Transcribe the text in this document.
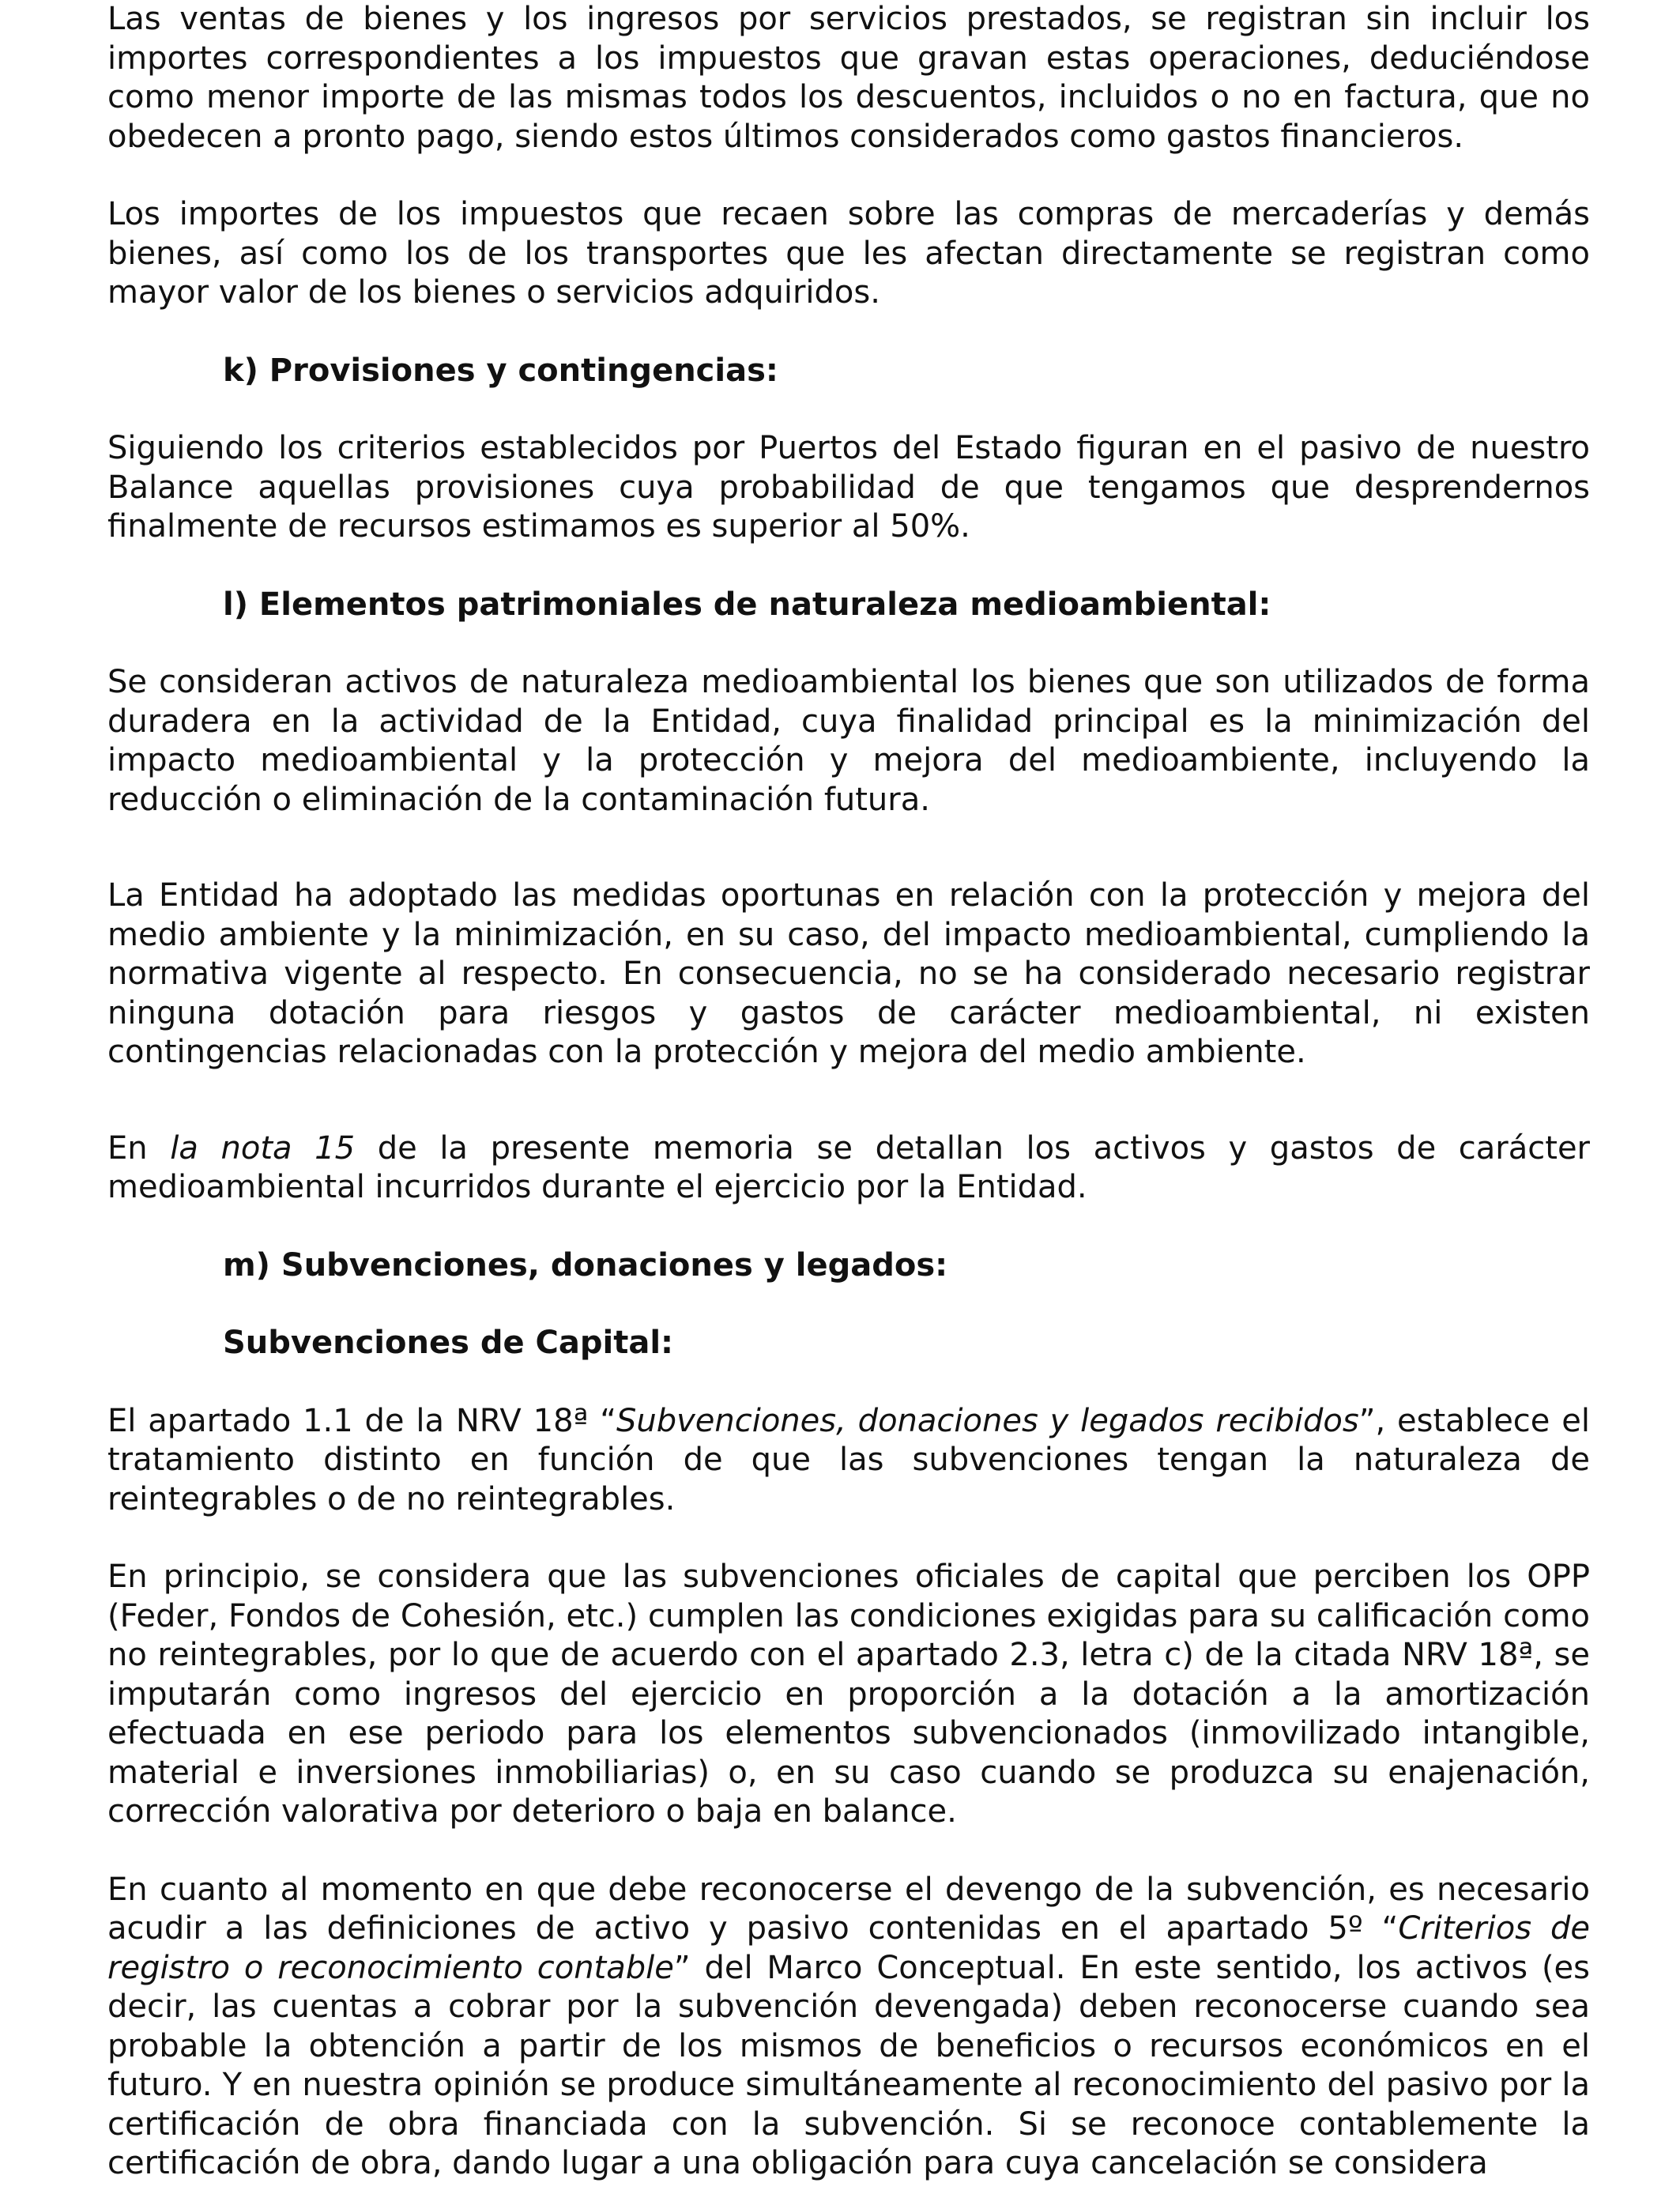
Las ventas de bienes y los ingresos por servicios prestados, se registran sin incluir los importes correspondientes a los impuestos que gravan estas operaciones, deduciéndose como menor importe de las mismas todos los descuentos, incluidos o no en factura, que no obedecen a pronto pago, siendo estos últimos considerados como gastos financieros.

Los importes de los impuestos que recaen sobre las compras de mercaderías y demás bienes, así como los de los transportes que les afectan directamente se registran como mayor valor de los bienes o servicios adquiridos.

k) Provisiones y contingencias:

Siguiendo los criterios establecidos por Puertos del Estado figuran en el pasivo de nuestro Balance aquellas provisiones cuya probabilidad de que tengamos que desprendernos finalmente de recursos estimamos es superior al 50%.

l) Elementos patrimoniales de naturaleza medioambiental:

Se consideran activos de naturaleza medioambiental los bienes que son utilizados de forma duradera en la actividad de la Entidad, cuya finalidad principal es la minimización del impacto medioambiental y la protección y mejora del medioambiente, incluyendo la reducción o eliminación de la contaminación futura.

La Entidad ha adoptado las medidas oportunas en relación con la protección y mejora del medio ambiente y la minimización, en su caso, del impacto medioambiental, cumpliendo la normativa vigente al respecto. En consecuencia, no se ha considerado necesario registrar ninguna dotación para riesgos y gastos de carácter medioambiental, ni existen contingencias relacionadas con la protección y mejora del medio ambiente.

En la nota 15 de la presente memoria se detallan los activos y gastos de carácter medioambiental incurridos durante el ejercicio por la Entidad.

m) Subvenciones, donaciones y legados:

Subvenciones de Capital:

El apartado 1.1 de la NRV 18ª “Subvenciones, donaciones y legados recibidos”, establece el tratamiento distinto en función de que las subvenciones tengan la naturaleza de reintegrables o de no reintegrables.

En principio, se considera que las subvenciones oficiales de capital que perciben los OPP (Feder, Fondos de Cohesión, etc.) cumplen las condiciones exigidas para su calificación como no reintegrables, por lo que de acuerdo con el apartado 2.3, letra c) de la citada NRV 18ª, se imputarán como ingresos del ejercicio en proporción a la dotación a la amortización efectuada en ese periodo para los elementos subvencionados (inmovilizado intangible, material e inversiones inmobiliarias) o, en su caso cuando se produzca su enajenación, corrección valorativa por deterioro o baja en balance.

En cuanto al momento en que debe reconocerse el devengo de la subvención, es necesario acudir a las definiciones de activo y pasivo contenidas en el apartado 5º “Criterios de registro o reconocimiento contable” del Marco Conceptual. En este sentido, los activos (es decir, las cuentas a cobrar por la subvención devengada) deben reconocerse cuando sea probable la obtención a partir de los mismos de beneficios o recursos económicos en el futuro. Y en nuestra opinión se produce simultáneamente al reconocimiento del pasivo por la certificación de obra financiada con la subvención. Si se reconoce contablemente la certificación de obra, dando lugar a una obligación para cuya cancelación se considera
